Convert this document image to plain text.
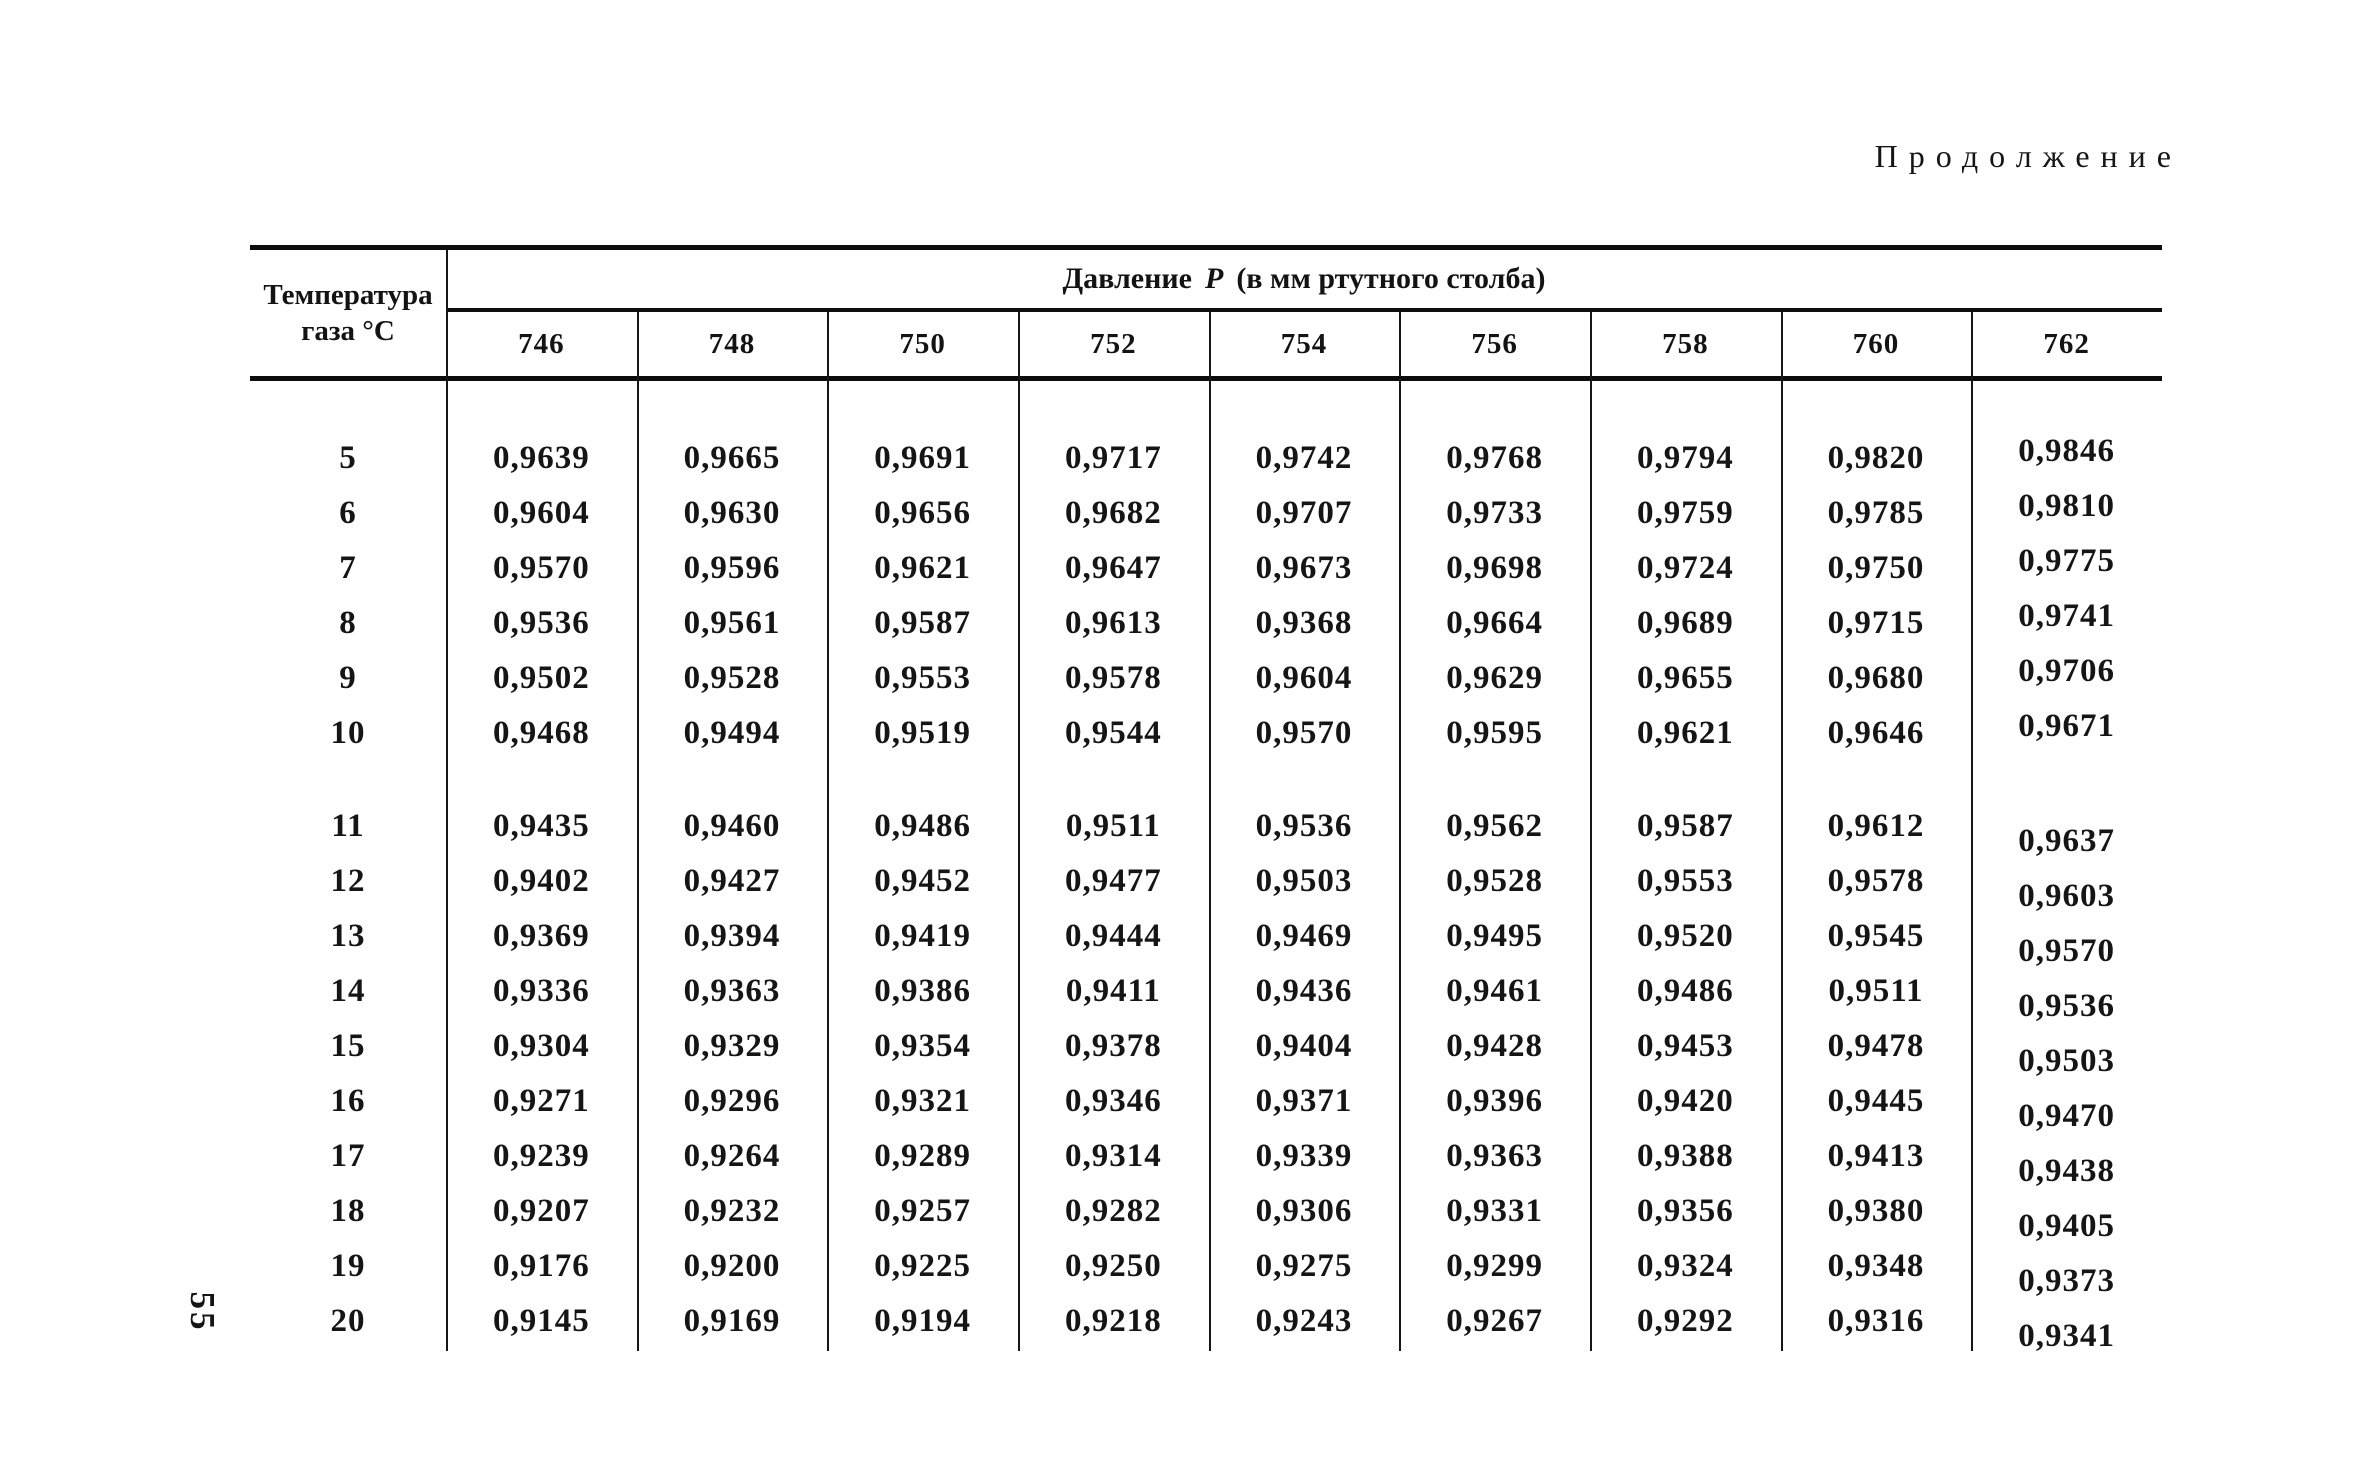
Продолжение
55
Температура
газа °С
Давление P (в мм ртутного столба)
746	748	750	752	754	756	758	760	762
5	0,9639	0,9665	0,9691	0,9717	0,9742	0,9768	0,9794	0,9820	0,9846
6	0,9604	0,9630	0,9656	0,9682	0,9707	0,9733	0,9759	0,9785	0,9810
7	0,9570	0,9596	0,9621	0,9647	0,9673	0,9698	0,9724	0,9750	0,9775
8	0,9536	0,9561	0,9587	0,9613	0,9368	0,9664	0,9689	0,9715	0,9741
9	0,9502	0,9528	0,9553	0,9578	0,9604	0,9629	0,9655	0,9680	0,9706
10	0,9468	0,9494	0,9519	0,9544	0,9570	0,9595	0,9621	0,9646	0,9671
11	0,9435	0,9460	0,9486	0,9511	0,9536	0,9562	0,9587	0,9612	0,9637
12	0,9402	0,9427	0,9452	0,9477	0,9503	0,9528	0,9553	0,9578	0,9603
13	0,9369	0,9394	0,9419	0,9444	0,9469	0,9495	0,9520	0,9545	0,9570
14	0,9336	0,9363	0,9386	0,9411	0,9436	0,9461	0,9486	0,9511	0,9536
15	0,9304	0,9329	0,9354	0,9378	0,9404	0,9428	0,9453	0,9478	0,9503
16	0,9271	0,9296	0,9321	0,9346	0,9371	0,9396	0,9420	0,9445	0,9470
17	0,9239	0,9264	0,9289	0,9314	0,9339	0,9363	0,9388	0,9413	0,9438
18	0,9207	0,9232	0,9257	0,9282	0,9306	0,9331	0,9356	0,9380	0,9405
19	0,9176	0,9200	0,9225	0,9250	0,9275	0,9299	0,9324	0,9348	0,9373
20	0,9145	0,9169	0,9194	0,9218	0,9243	0,9267	0,9292	0,9316	0,9341
